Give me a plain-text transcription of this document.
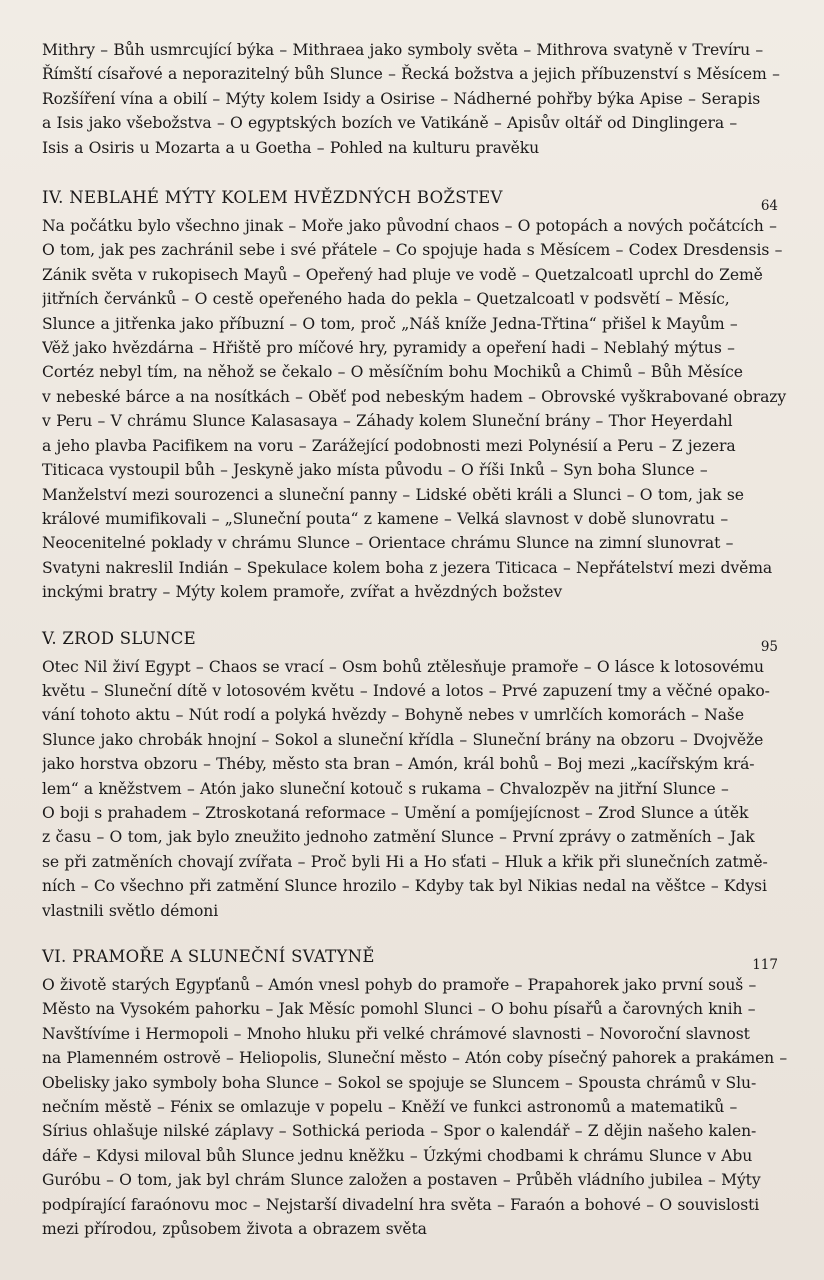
Mithry – Bůh usmrcující býka – Mithraea jako symboly světa – Mithrova svatyně v Trevíru –
Římští císařové a neporazitelný bůh Slunce – Řecká božstva a jejich příbuzenství s Měsícem –
Rozšíření vína a obilí – Mýty kolem Isidy a Osirise – Nádherné pohřby býka Apise – Serapis
a Isis jako všebožstva – O egyptských bozích ve Vatikáně – Apisův oltář od Dinglingera –
Isis a Osiris u Mozarta a u Goetha – Pohled na kulturu pravěku

IV. NEBLAHÉ MÝTY KOLEM HVĚZDNÝCH BOŽSTEV	64

Na počátku bylo všechno jinak – Moře jako původní chaos – O potopách a nových počátcích –
O tom, jak pes zachránil sebe i své přátele – Co spojuje hada s Měsícem – Codex Dresdensis –
Zánik světa v rukopisech Mayů – Opeřený had pluje ve vodě – Quetzalcoatl uprchl do Země
jitřních červánků – O cestě opeřeného hada do pekla – Quetzalcoatl v podsvětí – Měsíc,
Slunce a jitřenka jako příbuzní – O tom, proč „Náš kníže Jedna-Třtina“ přišel k Mayům –
Věž jako hvězdárna – Hřiště pro míčové hry, pyramidy a opeření hadi – Neblahý mýtus –
Cortéz nebyl tím, na něhož se čekalo – O měsíčním bohu Mochiků a Chimů – Bůh Měsíce
v nebeské bárce a na nosítkách – Oběť pod nebeským hadem – Obrovské vyškrabované obrazy
v Peru – V chrámu Slunce Kalasasaya – Záhady kolem Sluneční brány – Thor Heyerdahl
a jeho plavba Pacifikem na voru – Zarážející podobnosti mezi Polynésií a Peru – Z jezera
Titicaca vystoupil bůh – Jeskyně jako místa původu – O říši Inků – Syn boha Slunce –
Manželství mezi sourozenci a sluneční panny – Lidské oběti králi a Slunci – O tom, jak se
králové mumifikovali – „Sluneční pouta“ z kamene – Velká slavnost v době slunovratu –
Neocenitelné poklady v chrámu Slunce – Orientace chrámu Slunce na zimní slunovrat –
Svatyni nakreslil Indián – Spekulace kolem boha z jezera Titicaca – Nepřátelství mezi dvěma
inckými bratry – Mýty kolem pramoře, zvířat a hvězdných božstev

V. ZROD SLUNCE	95

Otec Nil živí Egypt – Chaos se vrací – Osm bohů ztělesňuje pramoře – O lásce k lotosovému
květu – Sluneční dítě v lotosovém květu – Indové a lotos – Prvé zapuzení tmy a věčné opako-
vání tohoto aktu – Nút rodí a polyká hvězdy – Bohyně nebes v umrlčích komorách – Naše
Slunce jako chrobák hnojní – Sokol a sluneční křídla – Sluneční brány na obzoru – Dvojvěže
jako horstva obzoru – Théby, město sta bran – Amón, král bohů – Boj mezi „kacířským krá-
lem“ a kněžstvem – Atón jako sluneční kotouč s rukama – Chvalozpěv na jitřní Slunce –
O boji s prahadem – Ztroskotaná reformace – Umění a pomíjejícnost – Zrod Slunce a útěk
z času – O tom, jak bylo zneužito jednoho zatmění Slunce – První zprávy o zatměních – Jak
se při zatměních chovají zvířata – Proč byli Hi a Ho sťati – Hluk a křik při slunečních zatmě-
ních – Co všechno při zatmění Slunce hrozilo – Kdyby tak byl Nikias nedal na věštce – Kdysi
vlastnili světlo démoni

VI. PRAMOŘE A SLUNEČNÍ SVATYNĚ	117

O životě starých Egypťanů – Amón vnesl pohyb do pramoře – Prapahorek jako první souš –
Město na Vysokém pahorku – Jak Měsíc pomohl Slunci – O bohu písařů a čarovných knih –
Navštívíme i Hermopoli – Mnoho hluku při velké chrámové slavnosti – Novoroční slavnost
na Plamenném ostrově – Heliopolis, Sluneční město – Atón coby písečný pahorek a prakámen –
Obelisky jako symboly boha Slunce – Sokol se spojuje se Sluncem – Spousta chrámů v Slu-
nečním městě – Fénix se omlazuje v popelu – Kněží ve funkci astronomů a matematiků –
Sírius ohlašuje nilské záplavy – Sothická perioda – Spor o kalendář – Z dějin našeho kalen-
dáře – Kdysi miloval bůh Slunce jednu kněžku – Úzkými chodbami k chrámu Slunce v Abu
Guróbu – O tom, jak byl chrám Slunce založen a postaven – Průběh vládního jubilea – Mýty
podpírající faraónovu moc – Nejstarší divadelní hra světa – Faraón a bohové – O souvislosti
mezi přírodou, způsobem života a obrazem světa
